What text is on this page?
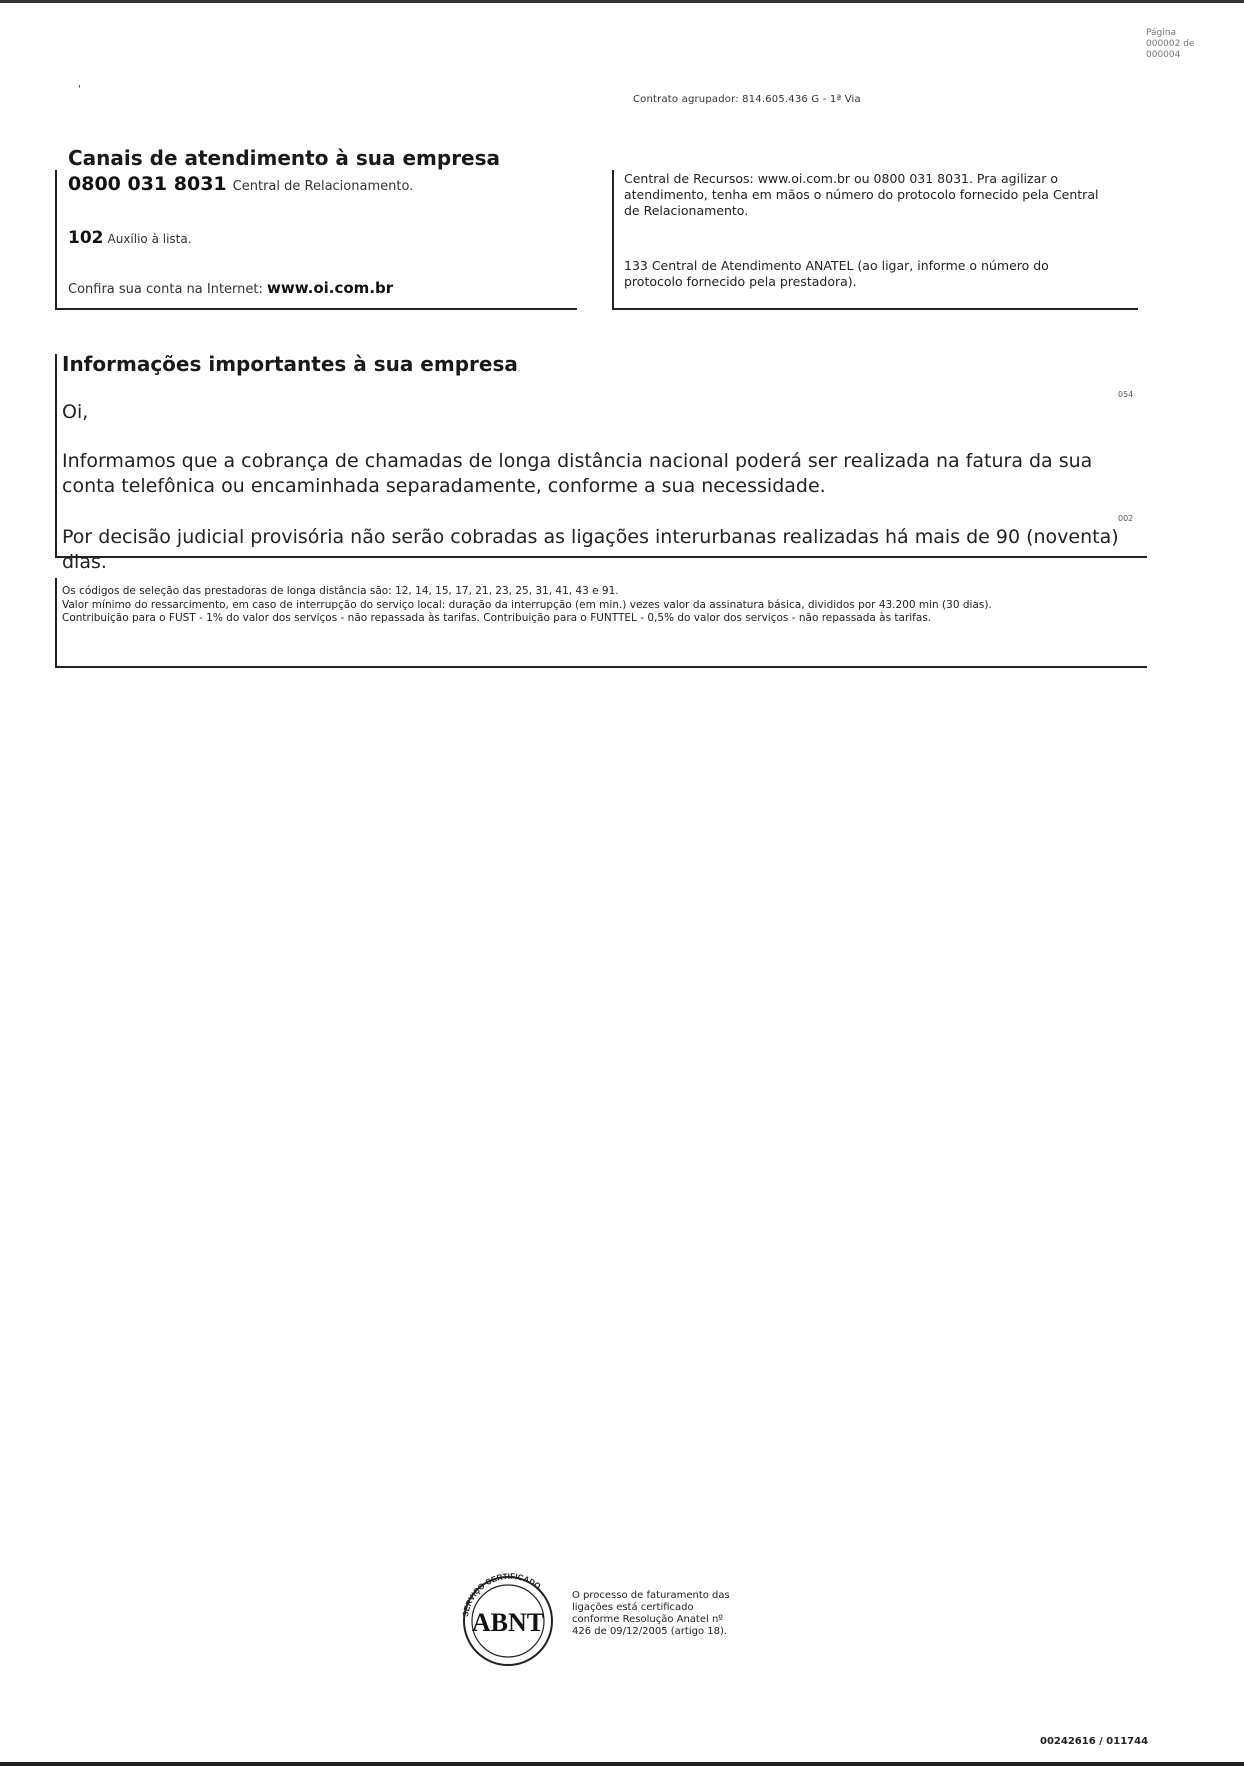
Página
000002 de
000004
'
Contrato agrupador: 814.605.436 G - 1ª Via
Canais de atendimento à sua empresa
0800 031 8031 Central de Relacionamento.
102 Auxílio à lista.
Confira sua conta na Internet: www.oi.com.br
Central de Recursos: www.oi.com.br ou 0800 031 8031. Pra agilizar o atendimento, tenha em mãos o número do protocolo fornecido pela Central de Relacionamento.
133 Central de Atendimento ANATEL (ao ligar, informe o número do protocolo fornecido pela prestadora).
Informações importantes à sua empresa
054
Oi,
Informamos que a cobrança de chamadas de longa distância nacional poderá ser realizada na fatura da sua conta telefônica ou encaminhada separadamente, conforme a sua necessidade.
002
Por decisão judicial provisória não serão cobradas as ligações interurbanas realizadas há mais de 90 (noventa) dias.
Os códigos de seleção das prestadoras de longa distância são: 12, 14, 15, 17, 21, 23, 25, 31, 41, 43 e 91.
Valor mínimo do ressarcimento, em caso de interrupção do serviço local: duração da interrupção (em min.) vezes valor da assinatura básica, divididos por 43.200 min (30 dias).
Contribuição para o FUST - 1% do valor dos serviços - não repassada às tarifas. Contribuição para o FUNTTEL - 0,5% do valor dos serviços - não repassada às tarifas.
SERVIÇO CERTIFICADO
ABNT
O processo de faturamento das ligações está certificado conforme Resolução Anatel nº 426 de 09/12/2005 (artigo 18).
00242616 / 011744
